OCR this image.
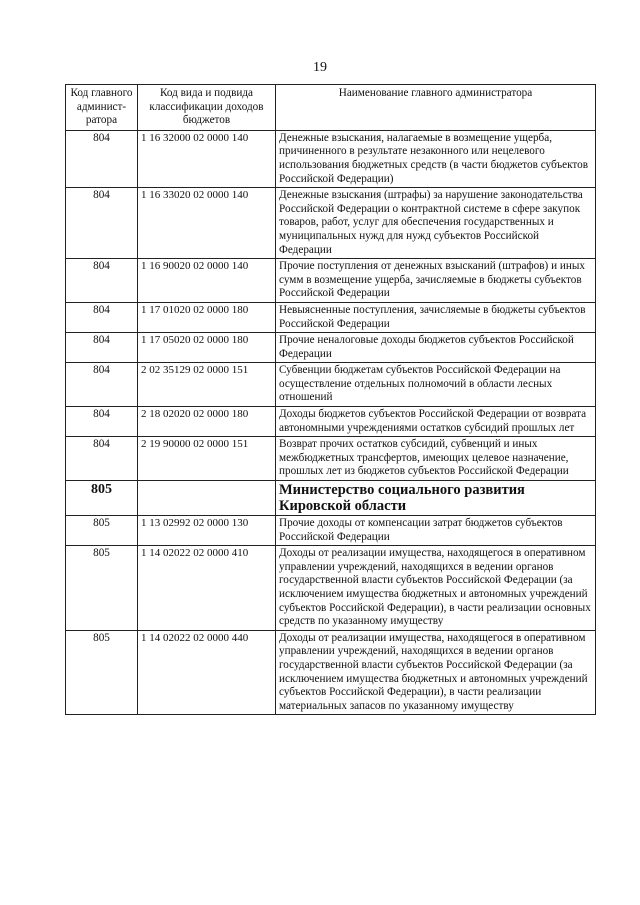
19
Код главного админист-ратора	Код вида и подвида классификации доходов бюджетов	Наименование главного администратора
804	1 16 32000 02 0000 140	Денежные взыскания, налагаемые в возмещение ущерба, причиненного в результате незаконного или нецелевого использования бюджетных средств (в части бюджетов субъектов Российской Федерации)
804	1 16 33020 02 0000 140	Денежные взыскания (штрафы) за нарушение законодательства Российской Федерации о контрактной системе в сфере закупок товаров, работ, услуг для обеспечения государственных и муниципальных нужд для нужд субъектов Российской Федерации
804	1 16 90020 02 0000 140	Прочие поступления от денежных взысканий (штрафов) и иных сумм в возмещение ущерба, зачисляемые в бюджеты субъектов Российской Федерации
804	1 17 01020 02 0000 180	Невыясненные поступления, зачисляемые в бюджеты субъектов Российской Федерации
804	1 17 05020 02 0000 180	Прочие неналоговые доходы бюджетов субъектов Российской Федерации
804	2 02 35129 02 0000 151	Субвенции бюджетам субъектов Российской Федерации на осуществление отдельных полномочий в области лесных отношений
804	2 18 02020 02 0000 180	Доходы бюджетов субъектов Российской Федерации от возврата автономными учреждениями остатков субсидий прошлых лет
804	2 19 90000 02 0000 151	Возврат прочих остатков субсидий, субвенций и иных межбюджетных трансфертов, имеющих целевое назначение, прошлых лет из бюджетов субъектов Российской Федерации
805		Министерство социального развития Кировской области
805	1 13 02992 02 0000 130	Прочие доходы от компенсации затрат бюджетов субъектов Российской Федерации
805	1 14 02022 02 0000 410	Доходы от реализации имущества, находящегося в оперативном управлении учреждений, находящихся в ведении органов государственной власти субъектов Российской Федерации (за исключением имущества бюджетных и автономных учреждений субъектов Российской Федерации), в части реализации основных средств по указанному имуществу
805	1 14 02022 02 0000 440	Доходы от реализации имущества, находящегося в оперативном управлении учреждений, находящихся в ведении органов государственной власти субъектов Российской Федерации (за исключением имущества бюджетных и автономных учреждений субъектов Российской Федерации), в части реализации материальных запасов по указанному имуществу
